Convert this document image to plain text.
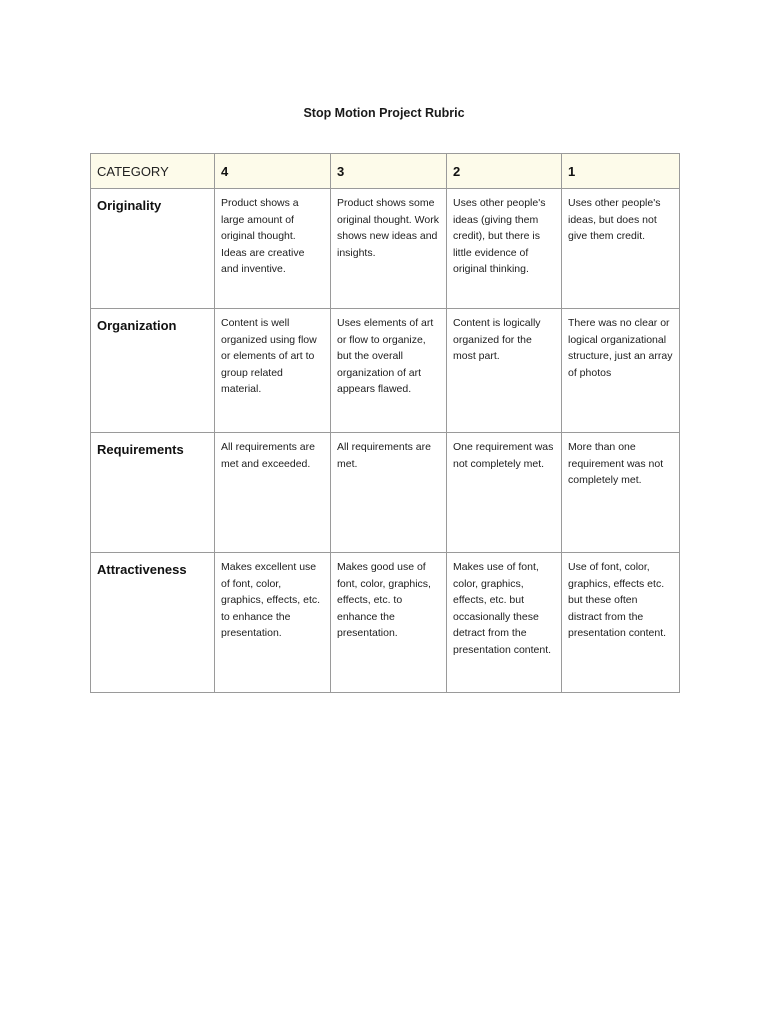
Stop Motion Project Rubric
CATEGORY	4	3	2	1
Originality	Product shows a large amount of original thought. Ideas are creative and inventive.	Product shows some original thought. Work shows new ideas and insights.	Uses other people's ideas (giving them credit), but there is little evidence of original thinking.	Uses other people's ideas, but does not give them credit.
Organization	Content is well organized using flow or elements of art to group related material.	Uses elements of art or flow to organize, but the overall organization of art appears flawed.	Content is logically organized for the most part.	There was no clear or logical organizational structure, just an array of photos
Requirements	All requirements are met and exceeded.	All requirements are met.	One requirement was not completely met.	More than one requirement was not completely met.
Attractiveness	Makes excellent use of font, color, graphics, effects, etc. to enhance the presentation.	Makes good use of font, color, graphics, effects, etc. to enhance the presentation.	Makes use of font, color, graphics, effects, etc. but occasionally these detract from the presentation content.	Use of font, color, graphics, effects etc. but these often distract from the presentation content.
